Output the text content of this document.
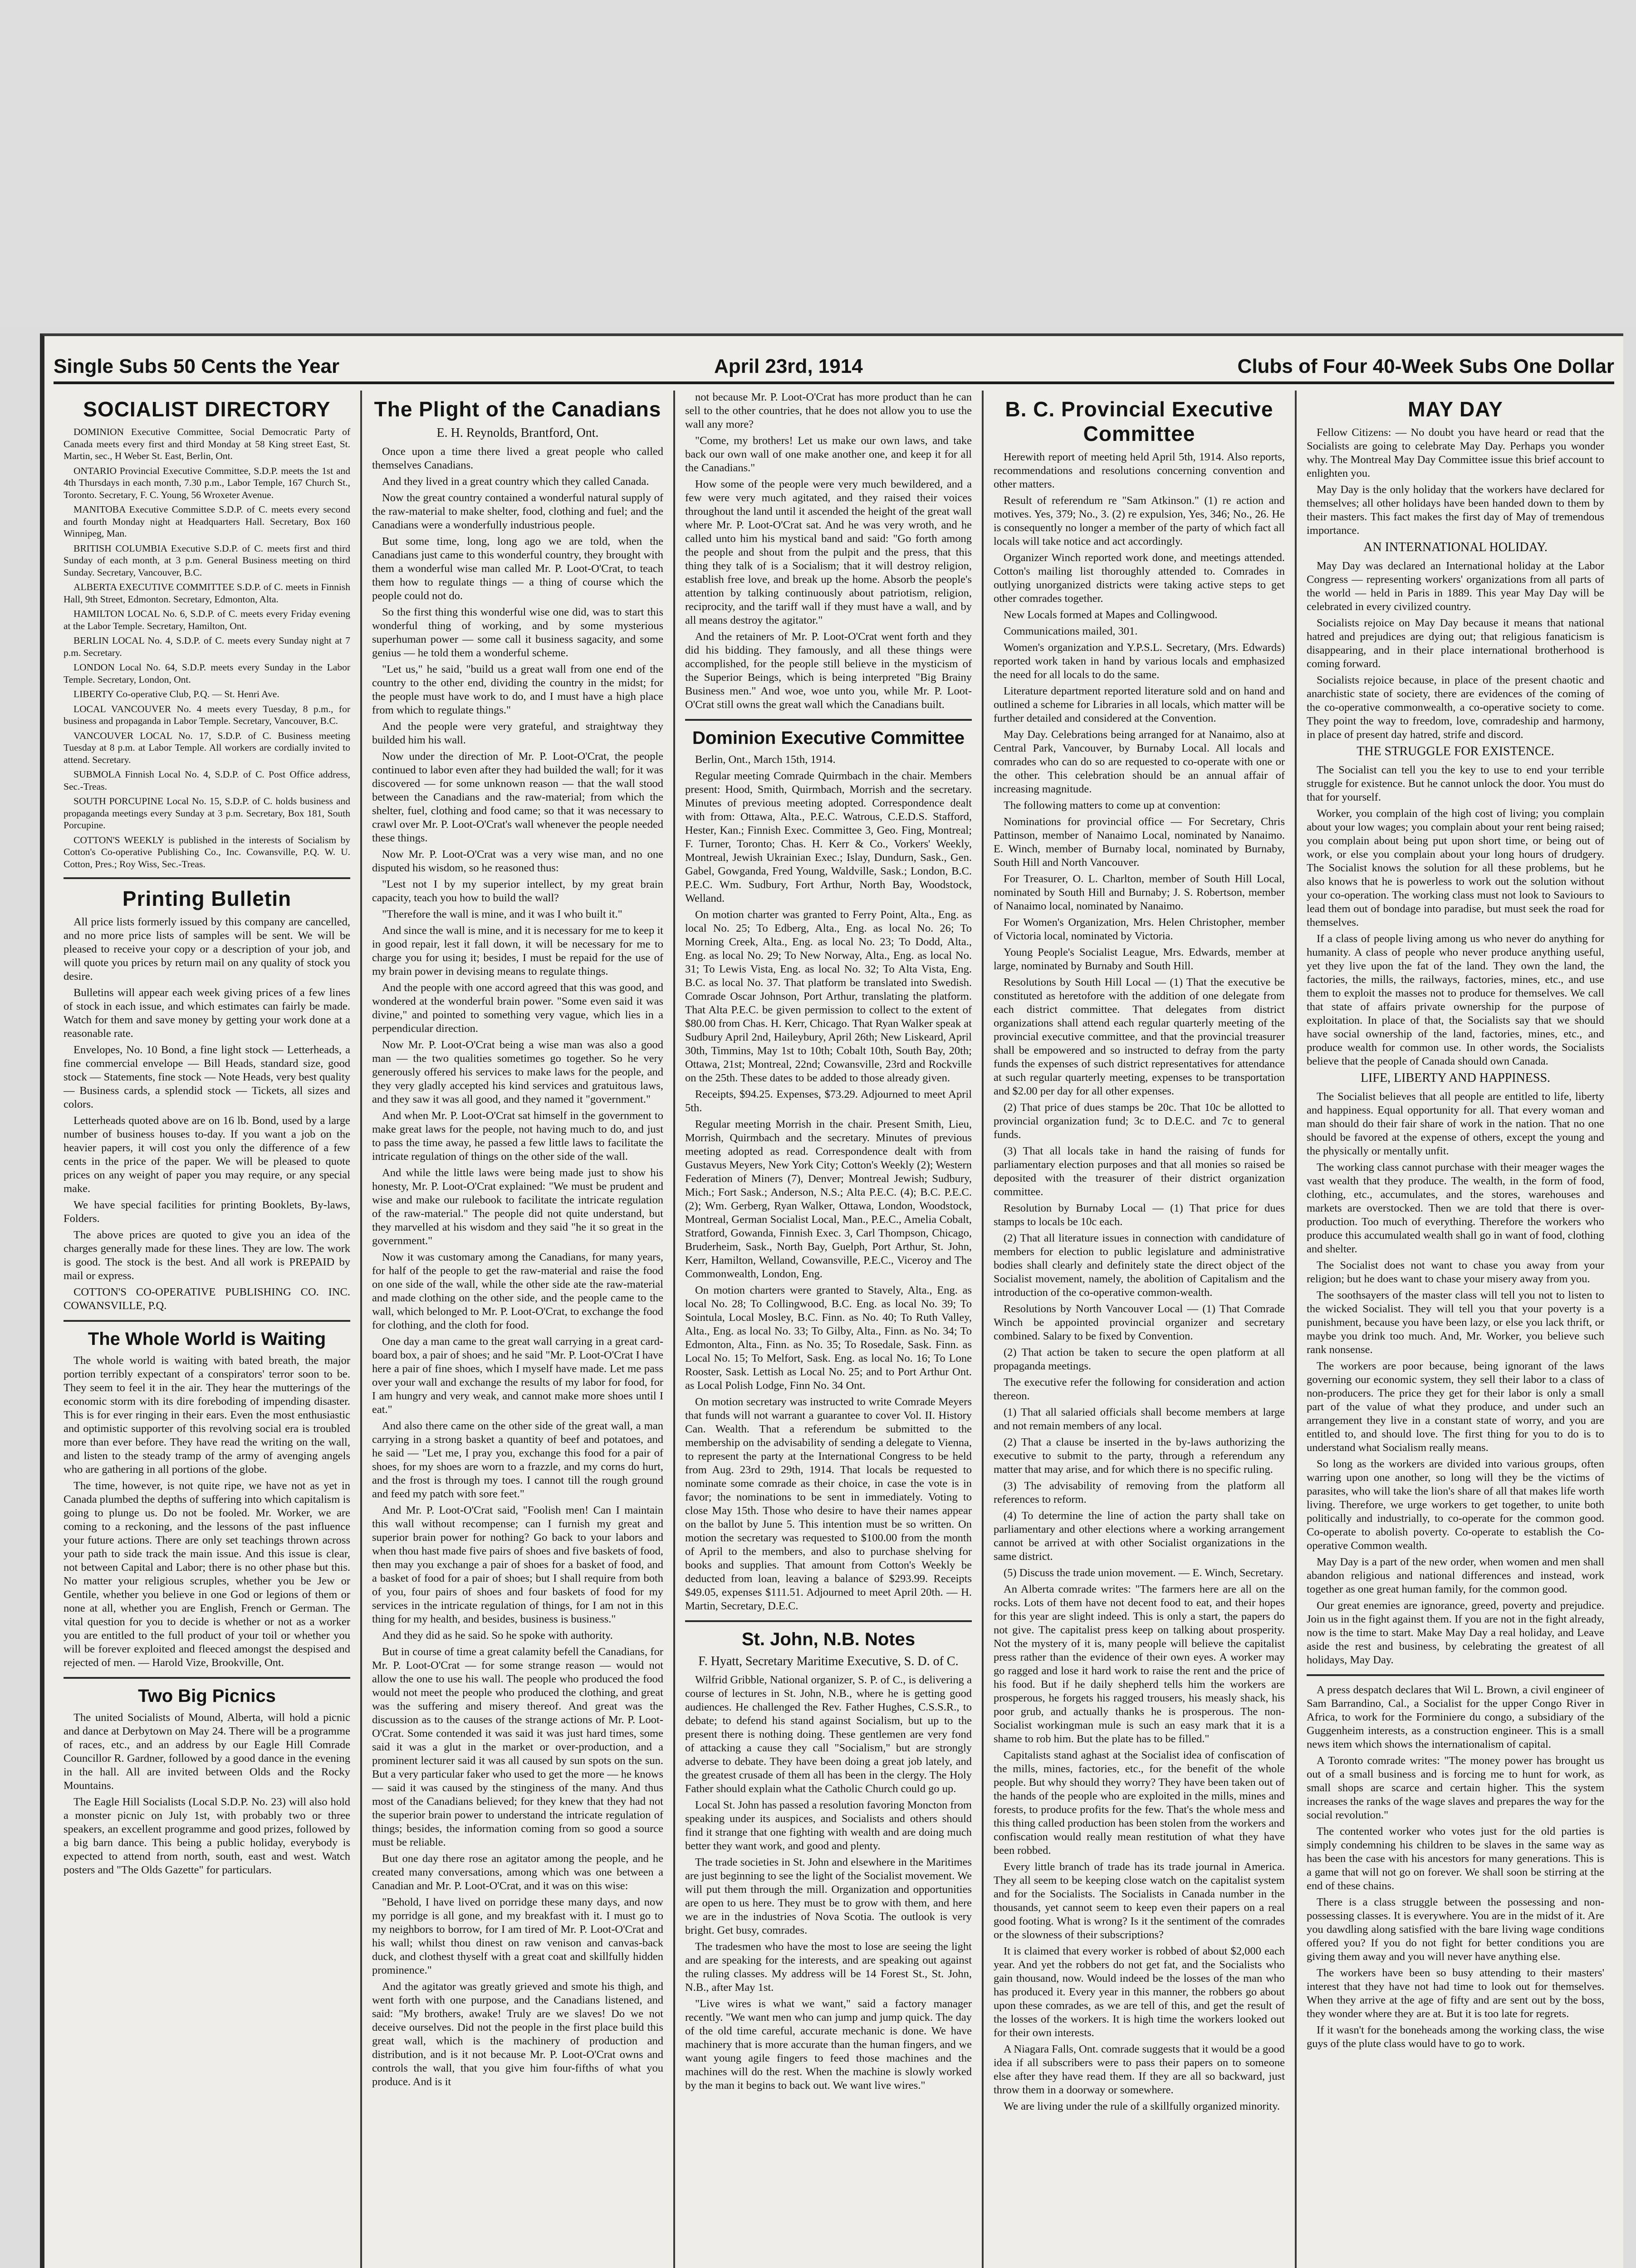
Single Subs 50 Cents the Year	April 23rd, 1914	Clubs of Four 40-Week Subs One Dollar
SOCIALIST DIRECTORY

DOMINION Executive Committee, Social Democratic Party of Canada meets every first and third Monday at 58 King street East, St. Martin, sec., H Weber St. East, Berlin, Ont.

ONTARIO Provincial Executive Committee, S.D.P. meets the 1st and 4th Thursdays in each month, 7.30 p.m., Labor Temple, 167 Church St., Toronto. Secretary, F. C. Young, 56 Wroxeter Avenue.

MANITOBA Executive Committee S.D.P. of C. meets every second and fourth Monday night at Headquarters Hall. Secretary, Box 160 Winnipeg, Man.

BRITISH COLUMBIA Executive S.D.P. of C. meets first and third Sunday of each month, at 3 p.m. General Business meeting on third Sunday. Secretary, Vancouver, B.C.

ALBERTA EXECUTIVE COMMITTEE S.D.P. of C. meets in Finnish Hall, 9th Street, Edmonton. Secretary, Edmonton, Alta.

HAMILTON LOCAL No. 6, S.D.P. of C. meets every Friday evening at the Labor Temple. Secretary, Hamilton, Ont.

BERLIN LOCAL No. 4, S.D.P. of C. meets every Sunday night at 7 p.m. Secretary.

LONDON Local No. 64, S.D.P. meets every Sunday in the Labor Temple. Secretary, London, Ont.

LIBERTY Co-operative Club, P.Q. — St. Henri Ave.

LOCAL VANCOUVER No. 4 meets every Tuesday, 8 p.m., for business and propaganda in Labor Temple. Secretary, Vancouver, B.C.

VANCOUVER LOCAL No. 17, S.D.P. of C. Business meeting Tuesday at 8 p.m. at Labor Temple. All workers are cordially invited to attend. Secretary.

SUBMOLA Finnish Local No. 4, S.D.P. of C. Post Office address, Sec.-Treas.

SOUTH PORCUPINE Local No. 15, S.D.P. of C. holds business and propaganda meetings every Sunday at 3 p.m. Secretary, Box 181, South Porcupine.

COTTON'S WEEKLY is published in the interests of Socialism by Cotton's Co-operative Publishing Co., Inc. Cowansville, P.Q. W. U. Cotton, Pres.; Roy Wiss, Sec.-Treas.

Printing Bulletin

All price lists formerly issued by this company are cancelled, and no more price lists of samples will be sent. We will be pleased to receive your copy or a description of your job, and will quote you prices by return mail on any quality of stock you desire.

Bulletins will appear each week giving prices of a few lines of stock in each issue, and which estimates can fairly be made. Watch for them and save money by getting your work done at a reasonable rate.

Envelopes, No. 10 Bond, a fine light stock — Letterheads, a fine commercial envelope — Bill Heads, standard size, good stock — Statements, fine stock — Note Heads, very best quality — Business cards, a splendid stock — Tickets, all sizes and colors.

Letterheads quoted above are on 16 lb. Bond, used by a large number of business houses to-day. If you want a job on the heavier papers, it will cost you only the difference of a few cents in the price of the paper. We will be pleased to quote prices on any weight of paper you may require, or any special make.

We have special facilities for printing Booklets, By-laws, Folders.

The above prices are quoted to give you an idea of the charges generally made for these lines. They are low. The work is good. The stock is the best. And all work is PREPAID by mail or express.

COTTON'S CO-OPERATIVE PUBLISHING CO. INC. COWANSVILLE, P.Q.

The Whole World is Waiting

The whole world is waiting with bated breath, the major portion terribly expectant of a conspirators' terror soon to be. They seem to feel it in the air. They hear the mutterings of the economic storm with its dire foreboding of impending disaster. This is for ever ringing in their ears. Even the most enthusiastic and optimistic supporter of this revolving social era is troubled more than ever before. They have read the writing on the wall, and listen to the steady tramp of the army of avenging angels who are gathering in all portions of the globe.

The time, however, is not quite ripe, we have not as yet in Canada plumbed the depths of suffering into which capitalism is going to plunge us. Do not be fooled. Mr. Worker, we are coming to a reckoning, and the lessons of the past influence your future actions. There are only set teachings thrown across your path to side track the main issue. And this issue is clear, not between Capital and Labor; there is no other phase but this. No matter your religious scruples, whether you be Jew or Gentile, whether you believe in one God or legions of them or none at all, whether you are English, French or German. The vital question for you to decide is whether or not as a worker you are entitled to the full product of your toil or whether you will be forever exploited and fleeced amongst the despised and rejected of men. — Harold Vize, Brookville, Ont.

Two Big Picnics

The united Socialists of Mound, Alberta, will hold a picnic and dance at Derbytown on May 24. There will be a programme of races, etc., and an address by our Eagle Hill Comrade Councillor R. Gardner, followed by a good dance in the evening in the hall. All are invited between Olds and the Rocky Mountains.

The Eagle Hill Socialists (Local S.D.P. No. 23) will also hold a monster picnic on July 1st, with probably two or three speakers, an excellent programme and good prizes, followed by a big barn dance. This being a public holiday, everybody is expected to attend from north, south, east and west. Watch posters and "The Olds Gazette" for particulars.

The Plight of the Canadians
E. H. Reynolds, Brantford, Ont.

Once upon a time there lived a great people who called themselves Canadians.

And they lived in a great country which they called Canada.

Now the great country contained a wonderful natural supply of the raw-material to make shelter, food, clothing and fuel; and the Canadians were a wonderfully industrious people.

But some time, long, long ago we are told, when the Canadians just came to this wonderful country, they brought with them a wonderful wise man called Mr. P. Loot-O'Crat, to teach them how to regulate things — a thing of course which the people could not do.

So the first thing this wonderful wise one did, was to start this wonderful thing of working, and by some mysterious superhuman power — some call it business sagacity, and some genius — he told them a wonderful scheme.

"Let us," he said, "build us a great wall from one end of the country to the other end, dividing the country in the midst; for the people must have work to do, and I must have a high place from which to regulate things."

And the people were very grateful, and straightway they builded him his wall.

Now under the direction of Mr. P. Loot-O'Crat, the people continued to labor even after they had builded the wall; for it was discovered — for some unknown reason — that the wall stood between the Canadians and the raw-material; from which the shelter, fuel, clothing and food came; so that it was necessary to crawl over Mr. P. Loot-O'Crat's wall whenever the people needed these things.

Now Mr. P. Loot-O'Crat was a very wise man, and no one disputed his wisdom, so he reasoned thus:

"Lest not I by my superior intellect, by my great brain capacity, teach you how to build the wall?

"Therefore the wall is mine, and it was I who built it."

And since the wall is mine, and it is necessary for me to keep it in good repair, lest it fall down, it will be necessary for me to charge you for using it; besides, I must be repaid for the use of my brain power in devising means to regulate things.

And the people with one accord agreed that this was good, and wondered at the wonderful brain power. "Some even said it was divine," and pointed to something very vague, which lies in a perpendicular direction.

Now Mr. P. Loot-O'Crat being a wise man was also a good man — the two qualities sometimes go together. So he very generously offered his services to make laws for the people, and they very gladly accepted his kind services and gratuitous laws, and they saw it was all good, and they named it "government."

And when Mr. P. Loot-O'Crat sat himself in the government to make great laws for the people, not having much to do, and just to pass the time away, he passed a few little laws to facilitate the intricate regulation of things on the other side of the wall.

And while the little laws were being made just to show his honesty, Mr. P. Loot-O'Crat explained: "We must be prudent and wise and make our rulebook to facilitate the intricate regulation of the raw-material." The people did not quite understand, but they marvelled at his wisdom and they said "he it so great in the government."

Now it was customary among the Canadians, for many years, for half of the people to get the raw-material and raise the food on one side of the wall, while the other side ate the raw-material and made clothing on the other side, and the people came to the wall, which belonged to Mr. P. Loot-O'Crat, to exchange the food for clothing, and the cloth for food.

One day a man came to the great wall carrying in a great card-board box, a pair of shoes; and he said "Mr. P. Loot-O'Crat I have here a pair of fine shoes, which I myself have made. Let me pass over your wall and exchange the results of my labor for food, for I am hungry and very weak, and cannot make more shoes until I eat."

And also there came on the other side of the great wall, a man carrying in a strong basket a quantity of beef and potatoes, and he said — "Let me, I pray you, exchange this food for a pair of shoes, for my shoes are worn to a frazzle, and my corns do hurt, and the frost is through my toes. I cannot till the rough ground and feed my patch with sore feet."

And Mr. P. Loot-O'Crat said, "Foolish men! Can I maintain this wall without recompense; can I furnish my great and superior brain power for nothing? Go back to your labors and when thou hast made five pairs of shoes and five baskets of food, then may you exchange a pair of shoes for a basket of food, and a basket of food for a pair of shoes; but I shall require from both of you, four pairs of shoes and four baskets of food for my services in the intricate regulation of things, for I am not in this thing for my health, and besides, business is business."

And they did as he said. So he spoke with authority.

But in course of time a great calamity befell the Canadians, for Mr. P. Loot-O'Crat — for some strange reason — would not allow the one to use his wall. The people who produced the food would not meet the people who produced the clothing, and great was the suffering and misery thereof. And great was the discussion as to the causes of the strange actions of Mr. P. Loot-O'Crat. Some contended it was said it was just hard times, some said it was a glut in the market or over-production, and a prominent lecturer said it was all caused by sun spots on the sun. But a very particular faker who used to get the more — he knows — said it was caused by the stinginess of the many. And thus most of the Canadians believed; for they knew that they had not the superior brain power to understand the intricate regulation of things; besides, the information coming from so good a source must be reliable.

But one day there rose an agitator among the people, and he created many conversations, among which was one between a Canadian and Mr. P. Loot-O'Crat, and it was on this wise:

"Behold, I have lived on porridge these many days, and now my porridge is all gone, and my breakfast with it. I must go to my neighbors to borrow, for I am tired of Mr. P. Loot-O'Crat and his wall; whilst thou dinest on raw venison and canvas-back duck, and clothest thyself with a great coat and skillfully hidden prominence."

And the agitator was greatly grieved and smote his thigh, and went forth with one purpose, and the Canadians listened, and said: "My brothers, awake! Truly are we slaves! Do we not deceive ourselves. Did not the people in the first place build this great wall, which is the machinery of production and distribution, and is it not because Mr. P. Loot-O'Crat owns and controls the wall, that you give him four-fifths of what you produce. And is it

not because Mr. P. Loot-O'Crat has more product than he can sell to the other countries, that he does not allow you to use the wall any more?

"Come, my brothers! Let us make our own laws, and take back our own wall of one make another one, and keep it for all the Canadians."

How some of the people were very much bewildered, and a few were very much agitated, and they raised their voices throughout the land until it ascended the height of the great wall where Mr. P. Loot-O'Crat sat. And he was very wroth, and he called unto him his mystical band and said: "Go forth among the people and shout from the pulpit and the press, that this thing they talk of is a Socialism; that it will destroy religion, establish free love, and break up the home. Absorb the people's attention by talking continuously about patriotism, religion, reciprocity, and the tariff wall if they must have a wall, and by all means destroy the agitator."

And the retainers of Mr. P. Loot-O'Crat went forth and they did his bidding. They famously, and all these things were accomplished, for the people still believe in the mysticism of the Superior Beings, which is being interpreted "Big Brainy Business men." And woe, woe unto you, while Mr. P. Loot-O'Crat still owns the great wall which the Canadians built.

Dominion Executive Committee

Berlin, Ont., March 15th, 1914.

Regular meeting Comrade Quirmbach in the chair. Members present: Hood, Smith, Quirmbach, Morrish and the secretary. Minutes of previous meeting adopted. Correspondence dealt with from: Ottawa, Alta., P.E.C. Watrous, C.E.D.S. Stafford, Hester, Kan.; Finnish Exec. Committee 3, Geo. Fing, Montreal; F. Turner, Toronto; Chas. H. Kerr & Co., Vorkers' Weekly, Montreal, Jewish Ukrainian Exec.; Islay, Dundurn, Sask., Gen. Gabel, Gowganda, Fred Young, Waldville, Sask.; London, B.C. P.E.C. Wm. Sudbury, Fort Arthur, North Bay, Woodstock, Welland.

On motion charter was granted to Ferry Point, Alta., Eng. as local No. 25; To Edberg, Alta., Eng. as local No. 26; To Morning Creek, Alta., Eng. as local No. 23; To Dodd, Alta., Eng. as local No. 29; To New Norway, Alta., Eng. as local No. 31; To Lewis Vista, Eng. as local No. 32; To Alta Vista, Eng. B.C. as local No. 37. That platform be translated into Swedish. Comrade Oscar Johnson, Port Arthur, translating the platform. That Alta P.E.C. be given permission to collect to the extent of $80.00 from Chas. H. Kerr, Chicago. That Ryan Walker speak at Sudbury April 2nd, Haileybury, April 26th; New Liskeard, April 30th, Timmins, May 1st to 10th; Cobalt 10th, South Bay, 20th; Ottawa, 21st; Montreal, 22nd; Cowansville, 23rd and Rockville on the 25th. These dates to be added to those already given.

Receipts, $94.25. Expenses, $73.29. Adjourned to meet April 5th.

Regular meeting Morrish in the chair. Present Smith, Lieu, Morrish, Quirmbach and the secretary. Minutes of previous meeting adopted as read. Correspondence dealt with from Gustavus Meyers, New York City; Cotton's Weekly (2); Western Federation of Miners (7), Denver; Montreal Jewish; Sudbury, Mich.; Fort Sask.; Anderson, N.S.; Alta P.E.C. (4); B.C. P.E.C. (2); Wm. Gerberg, Ryan Walker, Ottawa, London, Woodstock, Montreal, German Socialist Local, Man., P.E.C., Amelia Cobalt, Stratford, Gowanda, Finnish Exec. 3, Carl Thompson, Chicago, Bruderheim, Sask., North Bay, Guelph, Port Arthur, St. John, Kerr, Hamilton, Welland, Cowansville, P.E.C., Viceroy and The Commonwealth, London, Eng.

On motion charters were granted to Stavely, Alta., Eng. as local No. 28; To Collingwood, B.C. Eng. as local No. 39; To Sointula, Local Mosley, B.C. Finn. as No. 40; To Ruth Valley, Alta., Eng. as local No. 33; To Gilby, Alta., Finn. as No. 34; To Edmonton, Alta., Finn. as No. 35; To Rosedale, Sask. Finn. as Local No. 15; To Melfort, Sask. Eng. as local No. 16; To Lone Rooster, Sask. Lettish as Local No. 25; and to Port Arthur Ont. as Local Polish Lodge, Finn No. 34 Ont.

On motion secretary was instructed to write Comrade Meyers that funds will not warrant a guarantee to cover Vol. II. History Can. Wealth. That a referendum be submitted to the membership on the advisability of sending a delegate to Vienna, to represent the party at the International Congress to be held from Aug. 23rd to 29th, 1914. That locals be requested to nominate some comrade as their choice, in case the vote is in favor; the nominations to be sent in immediately. Voting to close May 15th. Those who desire to have their names appear on the ballot by June 5. This intention must be so written. On motion the secretary was requested to $100.00 from the month of April to the members, and also to purchase shelving for books and supplies. That amount from Cotton's Weekly be deducted from loan, leaving a balance of $293.99. Receipts $49.05, expenses $111.51. Adjourned to meet April 20th. — H. Martin, Secretary, D.E.C.

St. John, N.B. Notes
F. Hyatt, Secretary Maritime Executive, S. D. of C.

Wilfrid Gribble, National organizer, S. P. of C., is delivering a course of lectures in St. John, N.B., where he is getting good audiences. He challenged the Rev. Father Hughes, C.S.S.R., to debate; to defend his stand against Socialism, but up to the present there is nothing doing. These gentlemen are very fond of attacking a cause they call "Socialism," but are strongly adverse to debate. They have been doing a great job lately, and the greatest crusade of them all has been in the clergy. The Holy Father should explain what the Catholic Church could go up.

Local St. John has passed a resolution favoring Moncton from speaking under its auspices, and Socialists and others should find it strange that one fighting with wealth and are doing much better they want work, and good and plenty.

The trade societies in St. John and elsewhere in the Maritimes are just beginning to see the light of the Socialist movement. We will put them through the mill. Organization and opportunities are open to us here. They must be to grow with them, and here we are in the industries of Nova Scotia. The outlook is very bright. Get busy, comrades.

The tradesmen who have the most to lose are seeing the light and are speaking for the interests, and are speaking out against the ruling classes. My address will be 14 Forest St., St. John, N.B., after May 1st.

"Live wires is what we want," said a factory manager recently. "We want men who can jump and jump quick. The day of the old time careful, accurate mechanic is done. We have machinery that is more accurate than the human fingers, and we want young agile fingers to feed those machines and the machines will do the rest. When the machine is slowly worked by the man it begins to back out. We want live wires."

B. C. Provincial Executive Committee

Herewith report of meeting held April 5th, 1914. Also reports, recommendations and resolutions concerning convention and other matters.

Result of referendum re "Sam Atkinson." (1) re action and motives. Yes, 379; No., 3. (2) re expulsion, Yes, 346; No., 26. He is consequently no longer a member of the party of which fact all locals will take notice and act accordingly.

Organizer Winch reported work done, and meetings attended. Cotton's mailing list thoroughly attended to. Comrades in outlying unorganized districts were taking active steps to get other comrades together.

New Locals formed at Mapes and Collingwood.

Communications mailed, 301.

Women's organization and Y.P.S.L. Secretary, (Mrs. Edwards) reported work taken in hand by various locals and emphasized the need for all locals to do the same.

Literature department reported literature sold and on hand and outlined a scheme for Libraries in all locals, which matter will be further detailed and considered at the Convention.

May Day. Celebrations being arranged for at Nanaimo, also at Central Park, Vancouver, by Burnaby Local. All locals and comrades who can do so are requested to co-operate with one or the other. This celebration should be an annual affair of increasing magnitude.

The following matters to come up at convention:

Nominations for provincial office — For Secretary, Chris Pattinson, member of Nanaimo Local, nominated by Nanaimo. E. Winch, member of Burnaby local, nominated by Burnaby, South Hill and North Vancouver.

For Treasurer, O. L. Charlton, member of South Hill Local, nominated by South Hill and Burnaby; J. S. Robertson, member of Nanaimo local, nominated by Nanaimo.

For Women's Organization, Mrs. Helen Christopher, member of Victoria local, nominated by Victoria.

Young People's Socialist League, Mrs. Edwards, member at large, nominated by Burnaby and South Hill.

Resolutions by South Hill Local — (1) That the executive be constituted as heretofore with the addition of one delegate from each district committee. That delegates from district organizations shall attend each regular quarterly meeting of the provincial executive committee, and that the provincial treasurer shall be empowered and so instructed to defray from the party funds the expenses of such district representatives for attendance at such regular quarterly meeting, expenses to be transportation and $2.00 per day for all other expenses.

(2) That price of dues stamps be 20c. That 10c be allotted to provincial organization fund; 3c to D.E.C. and 7c to general funds.

(3) That all locals take in hand the raising of funds for parliamentary election purposes and that all monies so raised be deposited with the treasurer of their district organization committee.

Resolution by Burnaby Local — (1) That price for dues stamps to locals be 10c each.

(2) That all literature issues in connection with candidature of members for election to public legislature and administrative bodies shall clearly and definitely state the direct object of the Socialist movement, namely, the abolition of Capitalism and the introduction of the co-operative common-wealth.

Resolutions by North Vancouver Local — (1) That Comrade Winch be appointed provincial organizer and secretary combined. Salary to be fixed by Convention.

(2) That action be taken to secure the open platform at all propaganda meetings.

The executive refer the following for consideration and action thereon.

(1) That all salaried officials shall become members at large and not remain members of any local.

(2) That a clause be inserted in the by-laws authorizing the executive to submit to the party, through a referendum any matter that may arise, and for which there is no specific ruling.

(3) The advisability of removing from the platform all references to reform.

(4) To determine the line of action the party shall take on parliamentary and other elections where a working arrangement cannot be arrived at with other Socialist organizations in the same district.

(5) Discuss the trade union movement. — E. Winch, Secretary.

An Alberta comrade writes: "The farmers here are all on the rocks. Lots of them have not decent food to eat, and their hopes for this year are slight indeed. This is only a start, the papers do not give. The capitalist press keep on talking about prosperity. Not the mystery of it is, many people will believe the capitalist press rather than the evidence of their own eyes. A worker may go ragged and lose it hard work to raise the rent and the price of his food. But if he daily shepherd tells him the workers are prosperous, he forgets his ragged trousers, his measly shack, his poor grub, and actually thanks he is prosperous. The non-Socialist workingman mule is such an easy mark that it is a shame to rob him. But the plate has to be filled."

Capitalists stand aghast at the Socialist idea of confiscation of the mills, mines, factories, etc., for the benefit of the whole people. But why should they worry? They have been taken out of the hands of the people who are exploited in the mills, mines and forests, to produce profits for the few. That's the whole mess and this thing called production has been stolen from the workers and confiscation would really mean restitution of what they have been robbed.

Every little branch of trade has its trade journal in America. They all seem to be keeping close watch on the capitalist system and for the Socialists. The Socialists in Canada number in the thousands, yet cannot seem to keep even their papers on a real good footing. What is wrong? Is it the sentiment of the comrades or the slowness of their subscriptions?

It is claimed that every worker is robbed of about $2,000 each year. And yet the robbers do not get fat, and the Socialists who gain thousand, now. Would indeed be the losses of the man who has produced it. Every year in this manner, the robbers go about upon these comrades, as we are tell of this, and get the result of the losses of the workers. It is high time the workers looked out for their own interests.

A Niagara Falls, Ont. comrade suggests that it would be a good idea if all subscribers were to pass their papers on to someone else after they have read them. If they are all so backward, just throw them in a doorway or somewhere.

We are living under the rule of a skillfully organized minority.

MAY DAY

Fellow Citizens: — No doubt you have heard or read that the Socialists are going to celebrate May Day. Perhaps you wonder why. The Montreal May Day Committee issue this brief account to enlighten you.

May Day is the only holiday that the workers have declared for themselves; all other holidays have been handed down to them by their masters. This fact makes the first day of May of tremendous importance.

AN INTERNATIONAL HOLIDAY.

May Day was declared an International holiday at the Labor Congress — representing workers' organizations from all parts of the world — held in Paris in 1889. This year May Day will be celebrated in every civilized country.

Socialists rejoice on May Day because it means that national hatred and prejudices are dying out; that religious fanaticism is disappearing, and in their place international brotherhood is coming forward.

Socialists rejoice because, in place of the present chaotic and anarchistic state of society, there are evidences of the coming of the co-operative commonwealth, a co-operative society to come. They point the way to freedom, love, comradeship and harmony, in place of present day hatred, strife and discord.

THE STRUGGLE FOR EXISTENCE.

The Socialist can tell you the key to use to end your terrible struggle for existence. But he cannot unlock the door. You must do that for yourself.

Worker, you complain of the high cost of living; you complain about your low wages; you complain about your rent being raised; you complain about being put upon short time, or being out of work, or else you complain about your long hours of drudgery. The Socialist knows the solution for all these problems, but he also knows that he is powerless to work out the solution without your co-operation. The working class must not look to Saviours to lead them out of bondage into paradise, but must seek the road for themselves.

If a class of people living among us who never do anything for humanity. A class of people who never produce anything useful, yet they live upon the fat of the land. They own the land, the factories, the mills, the railways, factories, mines, etc., and use them to exploit the masses not to produce for themselves. We call that state of affairs private ownership for the purpose of exploitation. In place of that, the Socialists say that we should have social ownership of the land, factories, mines, etc., and produce wealth for common use. In other words, the Socialists believe that the people of Canada should own Canada.

LIFE, LIBERTY AND HAPPINESS.

The Socialist believes that all people are entitled to life, liberty and happiness. Equal opportunity for all. That every woman and man should do their fair share of work in the nation. That no one should be favored at the expense of others, except the young and the physically or mentally unfit.

The working class cannot purchase with their meager wages the vast wealth that they produce. The wealth, in the form of food, clothing, etc., accumulates, and the stores, warehouses and markets are overstocked. Then we are told that there is over-production. Too much of everything. Therefore the workers who produce this accumulated wealth shall go in want of food, clothing and shelter.

The Socialist does not want to chase you away from your religion; but he does want to chase your misery away from you.

The soothsayers of the master class will tell you not to listen to the wicked Socialist. They will tell you that your poverty is a punishment, because you have been lazy, or else you lack thrift, or maybe you drink too much. And, Mr. Worker, you believe such rank nonsense.

The workers are poor because, being ignorant of the laws governing our economic system, they sell their labor to a class of non-producers. The price they get for their labor is only a small part of the value of what they produce, and under such an arrangement they live in a constant state of worry, and you are entitled to, and should love. The first thing for you to do is to understand what Socialism really means.

So long as the workers are divided into various groups, often warring upon one another, so long will they be the victims of parasites, who will take the lion's share of all that makes life worth living. Therefore, we urge workers to get together, to unite both politically and industrially, to co-operate for the common good. Co-operate to abolish poverty. Co-operate to establish the Co-operative Common wealth.

May Day is a part of the new order, when women and men shall abandon religious and national differences and instead, work together as one great human family, for the common good.

Our great enemies are ignorance, greed, poverty and prejudice. Join us in the fight against them. If you are not in the fight already, now is the time to start. Make May Day a real holiday, and Leave aside the rest and business, by celebrating the greatest of all holidays, May Day.

A press despatch declares that Wil L. Brown, a civil engineer of Sam Barrandino, Cal., a Socialist for the upper Congo River in Africa, to work for the Forminiere du congo, a subsidiary of the Guggenheim interests, as a construction engineer. This is a small news item which shows the internationalism of capital.

A Toronto comrade writes: "The money power has brought us out of a small business and is forcing me to hunt for work, as small shops are scarce and certain higher. This the system increases the ranks of the wage slaves and prepares the way for the social revolution."

The contented worker who votes just for the old parties is simply condemning his children to be slaves in the same way as has been the case with his ancestors for many generations. This is a game that will not go on forever. We shall soon be stirring at the end of these chains.

There is a class struggle between the possessing and non-possessing classes. It is everywhere. You are in the midst of it. Are you dawdling along satisfied with the bare living wage conditions offered you? If you do not fight for better conditions you are giving them away and you will never have anything else.

The workers have been so busy attending to their masters' interest that they have not had time to look out for themselves. When they arrive at the age of fifty and are sent out by the boss, they wonder where they are at. But it is too late for regrets.

If it wasn't for the boneheads among the working class, the wise guys of the plute class would have to go to work.
